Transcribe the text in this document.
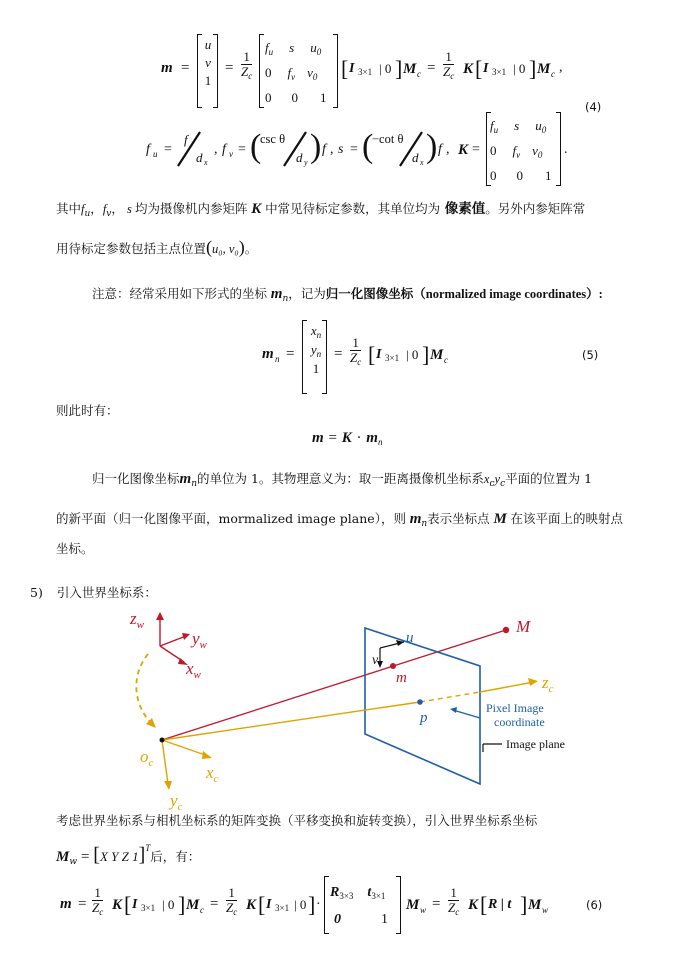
m =
u
v
1
= $\frac{1}{Z_c}$
$f_u$ s $u_0$
0 $f_v$ $v_0$
0 0 1
[ I 3×1 | 0 ] M $c = \frac{1}{Z_c}$ K [ I 3×1 | 0 ] M c ,
(4)
f u =
f
d x
, f v = (
csc θ
d y ) f , s = (
−cot θ
d x ) f , K =
$f_u$ s $u_0$
0 $f_v$ $v_0$
0 0 1
.
其中$f_u$，$f_v$， s 均为摄像机内参矩阵 K 中常见待标定参数，其单位均为 像素值。另外内参矩阵常
用待标定参数包括主点位置(u₀, v₀)。
注意：经常采用如下形式的坐标 $m_n$，记为归一化图像坐标（normalized image coordinates）:
m n =
$x_n$
$y_n$
1
= $\frac{1}{Z_c}$ [ I 3×1 | 0 ] M c	(5)
则此时有：
$m = K \cdot m_n$
归一化图像坐标$m_n$的单位为 1。其物理意义为：取一距离摄像机坐标系$x_cy_c$平面的位置为 1
的新平面（归一化图像平面，mormalized image plane），则 $m_n$表示坐标点 M 在该平面上的映射点
坐标。
5) 引入世界坐标系：
$z_w$
$y_w$
$x_w$
$o_c$	$x_c$
$y_c$
$z_c$
M
m
p
u
v
Pixel Image
coordinate
Image plane
考虑世界坐标系与相机坐标系的矩阵变换（平移变换和旋转变换），引入世界坐标系坐标
$M_w = [X$ Y Z 1]$^T$后，有：
$m = \frac{1}{Z_c}$ K [ I 3×1 | 0 ] M $c = \frac{1}{Z_c}$ K [ I 3×1 | 0 ] ·
R3×3 t3×1
0	1
M $w = \frac{1}{Z_c}$ K [ R | t ] M w	(6)
